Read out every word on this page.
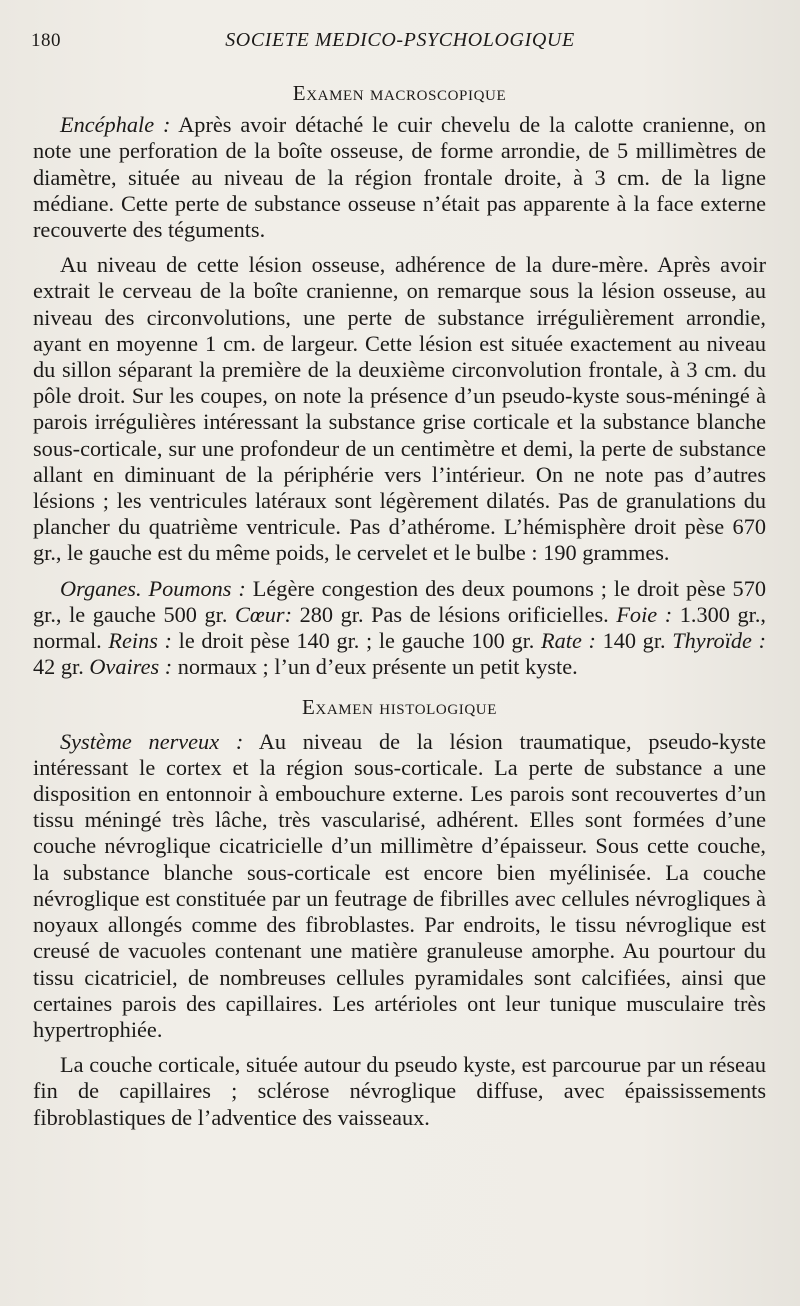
180	SOCIETE MEDICO-PSYCHOLOGIQUE
Examen macroscopique

Encéphale : Après avoir détaché le cuir chevelu de la calotte cranienne, on note une perforation de la boîte osseuse, de forme arrondie, de 5 millimètres de diamètre, située au niveau de la région frontale droite, à 3 cm. de la ligne médiane. Cette perte de substance osseuse n’était pas apparente à la face externe recouverte des téguments.

Au niveau de cette lésion osseuse, adhérence de la dure-mère. Après avoir extrait le cerveau de la boîte cranienne, on remarque sous la lésion osseuse, au niveau des circonvolutions, une perte de substance irrégulièrement arrondie, ayant en moyenne 1 cm. de largeur. Cette lésion est située exactement au niveau du sillon séparant la première de la deuxième circonvolution frontale, à 3 cm. du pôle droit. Sur les coupes, on note la présence d’un pseudo-kyste sous-méningé à parois irrégulières intéressant la substance grise corticale et la substance blanche sous-corticale, sur une profondeur de un centimètre et demi, la perte de substance allant en diminuant de la périphérie vers l’intérieur. On ne note pas d’autres lésions ; les ventricules latéraux sont légèrement dilatés. Pas de granulations du plancher du quatrième ventricule. Pas d’athérome. L’hémisphère droit pèse 670 gr., le gauche est du même poids, le cervelet et le bulbe : 190 grammes.

Organes. Poumons : Légère congestion des deux poumons ; le droit pèse 570 gr., le gauche 500 gr. Cœur: 280 gr. Pas de lésions orificielles. Foie : 1.300 gr., normal. Reins : le droit pèse 140 gr. ; le gauche 100 gr. Rate : 140 gr. Thyroïde : 42 gr. Ovaires : normaux ; l’un d’eux présente un petit kyste.

Examen histologique

Système nerveux : Au niveau de la lésion traumatique, pseudo-kyste intéressant le cortex et la région sous-corticale. La perte de substance a une disposition en entonnoir à embouchure externe. Les parois sont recouvertes d’un tissu méningé très lâche, très vascularisé, adhérent. Elles sont formées d’une couche névroglique cicatricielle d’un millimètre d’épaisseur. Sous cette couche, la substance blanche sous-corticale est encore bien myélinisée. La couche névroglique est constituée par un feutrage de fibrilles avec cellules névrogliques à noyaux allongés comme des fibroblastes. Par endroits, le tissu névroglique est creusé de vacuoles contenant une matière granuleuse amorphe. Au pourtour du tissu cicatriciel, de nombreuses cellules pyramidales sont calcifiées, ainsi que certaines parois des capillaires. Les artérioles ont leur tunique musculaire très hypertrophiée.

La couche corticale, située autour du pseudo kyste, est parcourue par un réseau fin de capillaires ; sclérose névroglique diffuse, avec épaississements fibroblastiques de l’adventice des vaisseaux.
